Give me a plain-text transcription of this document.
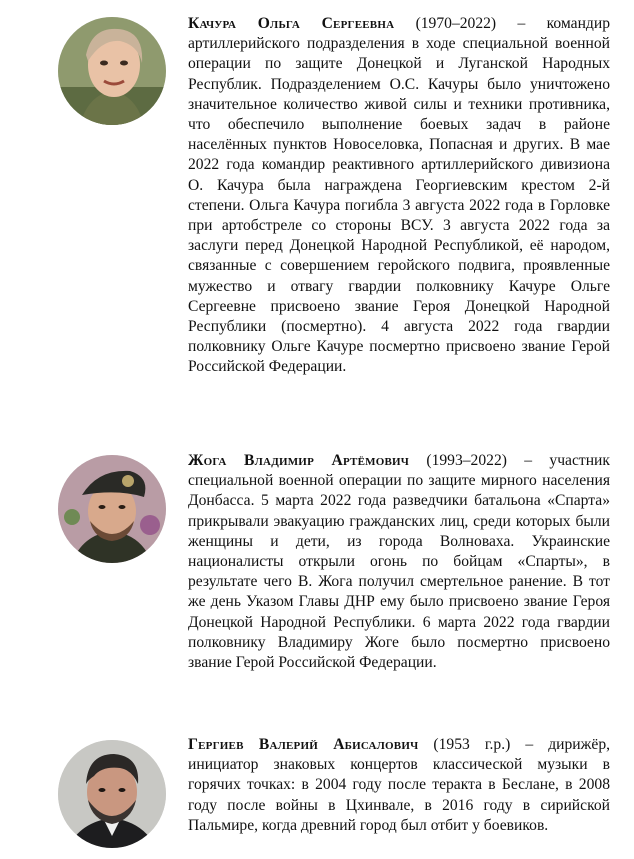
Качура Ольга Сергеевна (1970–2022) – командир артиллерийского подразделения в ходе специальной военной операции по защите Донецкой и Луганской Народных Республик. Подразделением О.С. Качуры было уничтожено значительное количество живой силы и техники противника, что обеспечило выполнение боевых задач в районе населённых пунктов Новоселовка, Попасная и других. В мае 2022 года командир реактивного артиллерийского дивизиона О. Качура была награждена Георгиевским крестом 2-й степени. Ольга Качура погибла 3 августа 2022 года в Горловке при артобстреле со стороны ВСУ. 3 августа 2022 года за заслуги перед Донецкой Народной Республикой, её народом, связанные с совершением геройского подвига, проявленные мужество и отвагу гвардии полковнику Качуре Ольге Сергеевне присвоено звание Героя Донецкой Народной Республики (посмертно). 4 августа 2022 года гвардии полковнику Ольге Качуре посмертно присвоено звание Герой Российской Федерации.
Жога Владимир Артёмович (1993–2022) – участник специальной военной операции по защите мирного населения Донбасса. 5 марта 2022 года разведчики батальона «Спарта» прикрывали эвакуацию гражданских лиц, среди которых были женщины и дети, из города Волноваха. Украинские националисты открыли огонь по бойцам «Спарты», в результате чего В. Жога получил смертельное ранение. В тот же день Указом Главы ДНР ему было присвоено звание Героя Донецкой Народной Республики. 6 марта 2022 года гвардии полковнику Владимиру Жоге было посмертно присвоено звание Герой Российской Федерации.
Гергиев Валерий Абисалович (1953 г.р.) – дирижёр, инициатор знаковых концертов классической музыки в горячих точках: в 2004 году после теракта в Беслане, в 2008 году после войны в Цхинвале, в 2016 году в сирийской Пальмире, когда древний город был отбит у боевиков.
